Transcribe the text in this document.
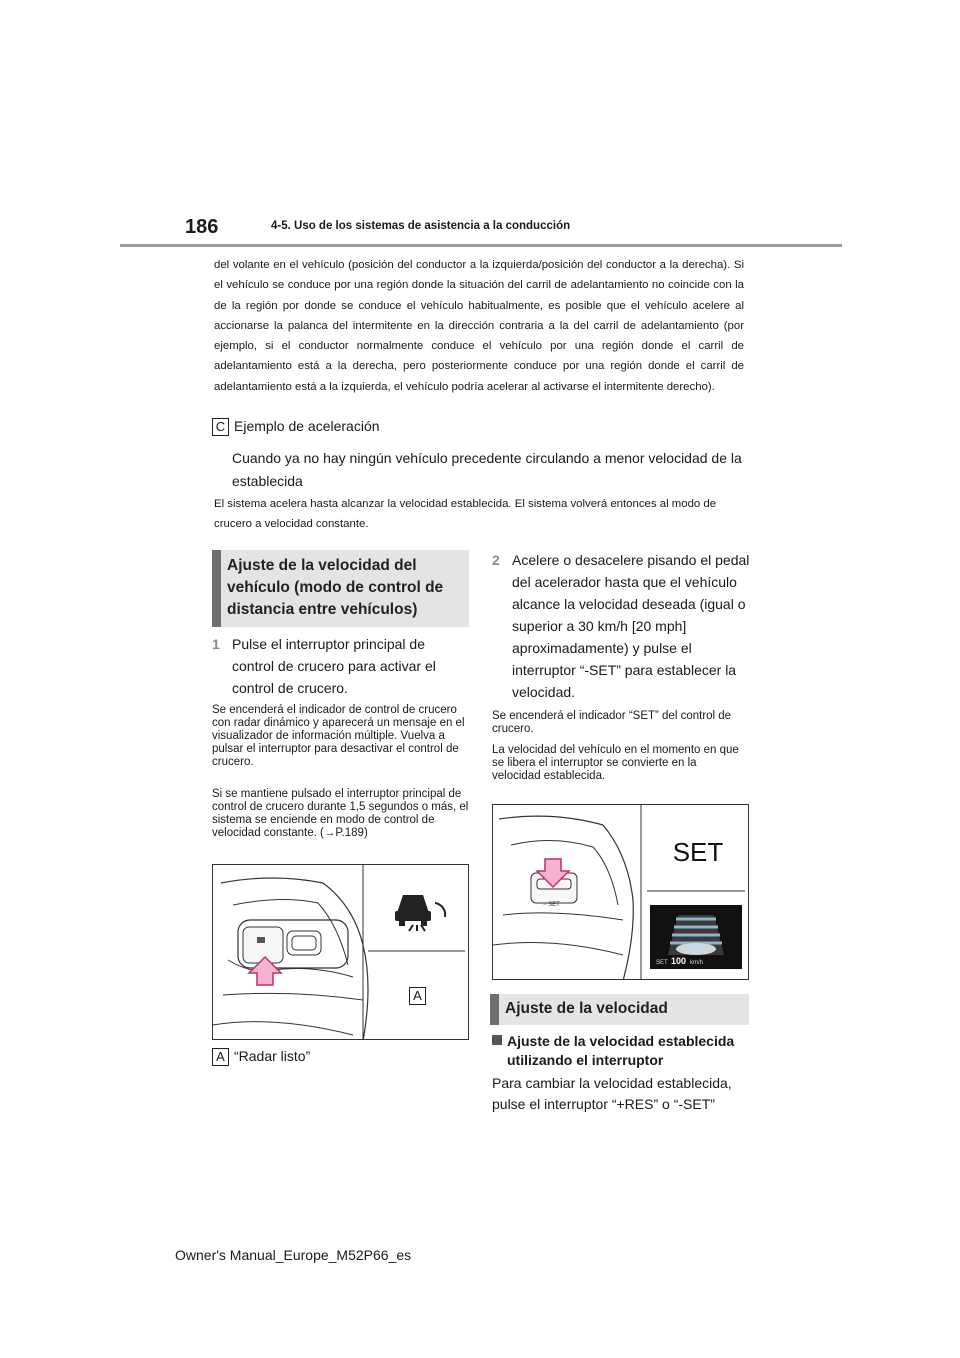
186	4-5. Uso de los sistemas de asistencia a la conducción

del volante en el vehículo (posición del conductor a la izquierda/posición del conductor a la derecha). Si el vehículo se conduce por una región donde la situación del carril de adelantamiento no coincide con la de la región por donde se conduce el vehículo habitualmente, es posible que el vehículo acelere al accionarse la palanca del intermitente en la dirección contraria a la del carril de adelantamiento (por ejemplo, si el conductor normalmente conduce el vehículo por una región donde el carril de adelantamiento está a la derecha, pero posteriormente conduce por una región donde el carril de adelantamiento está a la izquierda, el vehículo podría acelerar al activarse el intermitente derecho).

C Ejemplo de aceleración

Cuando ya no hay ningún vehículo precedente circulando a menor velocidad de la establecida

El sistema acelera hasta alcanzar la velocidad establecida. El sistema volverá entonces al modo de crucero a velocidad constante.

Ajuste de la velocidad del vehículo (modo de control de distancia entre vehículos)
1 Pulse el interruptor principal de control de crucero para activar el control de crucero.

Se encenderá el indicador de control de crucero con radar dinámico y aparecerá un mensaje en el visualizador de información múltiple. Vuelva a pulsar el interruptor para desactivar el control de crucero.

Si se mantiene pulsado el interruptor principal de control de crucero durante 1,5 segundos o más, el sistema se enciende en modo de control de velocidad constante. (→P.189)

A
A “Radar listo”
2 Acelere o desacelere pisando el pedal del acelerador hasta que el vehículo alcance la velocidad deseada (igual o superior a 30 km/h [20 mph] aproximadamente) y pulse el interruptor “-SET” para establecer la velocidad.

Se encenderá el indicador “SET” del control de crucero.

La velocidad del vehículo en el momento en que se libera el interruptor se convierte en la velocidad establecida.

− SET
SET
SET 100 km/h
Ajuste de la velocidad
Ajuste de la velocidad establecida utilizando el interruptor

Para cambiar la velocidad establecida, pulse el interruptor “+RES” o “-SET”

Owner's Manual_Europe_M52P66_es
